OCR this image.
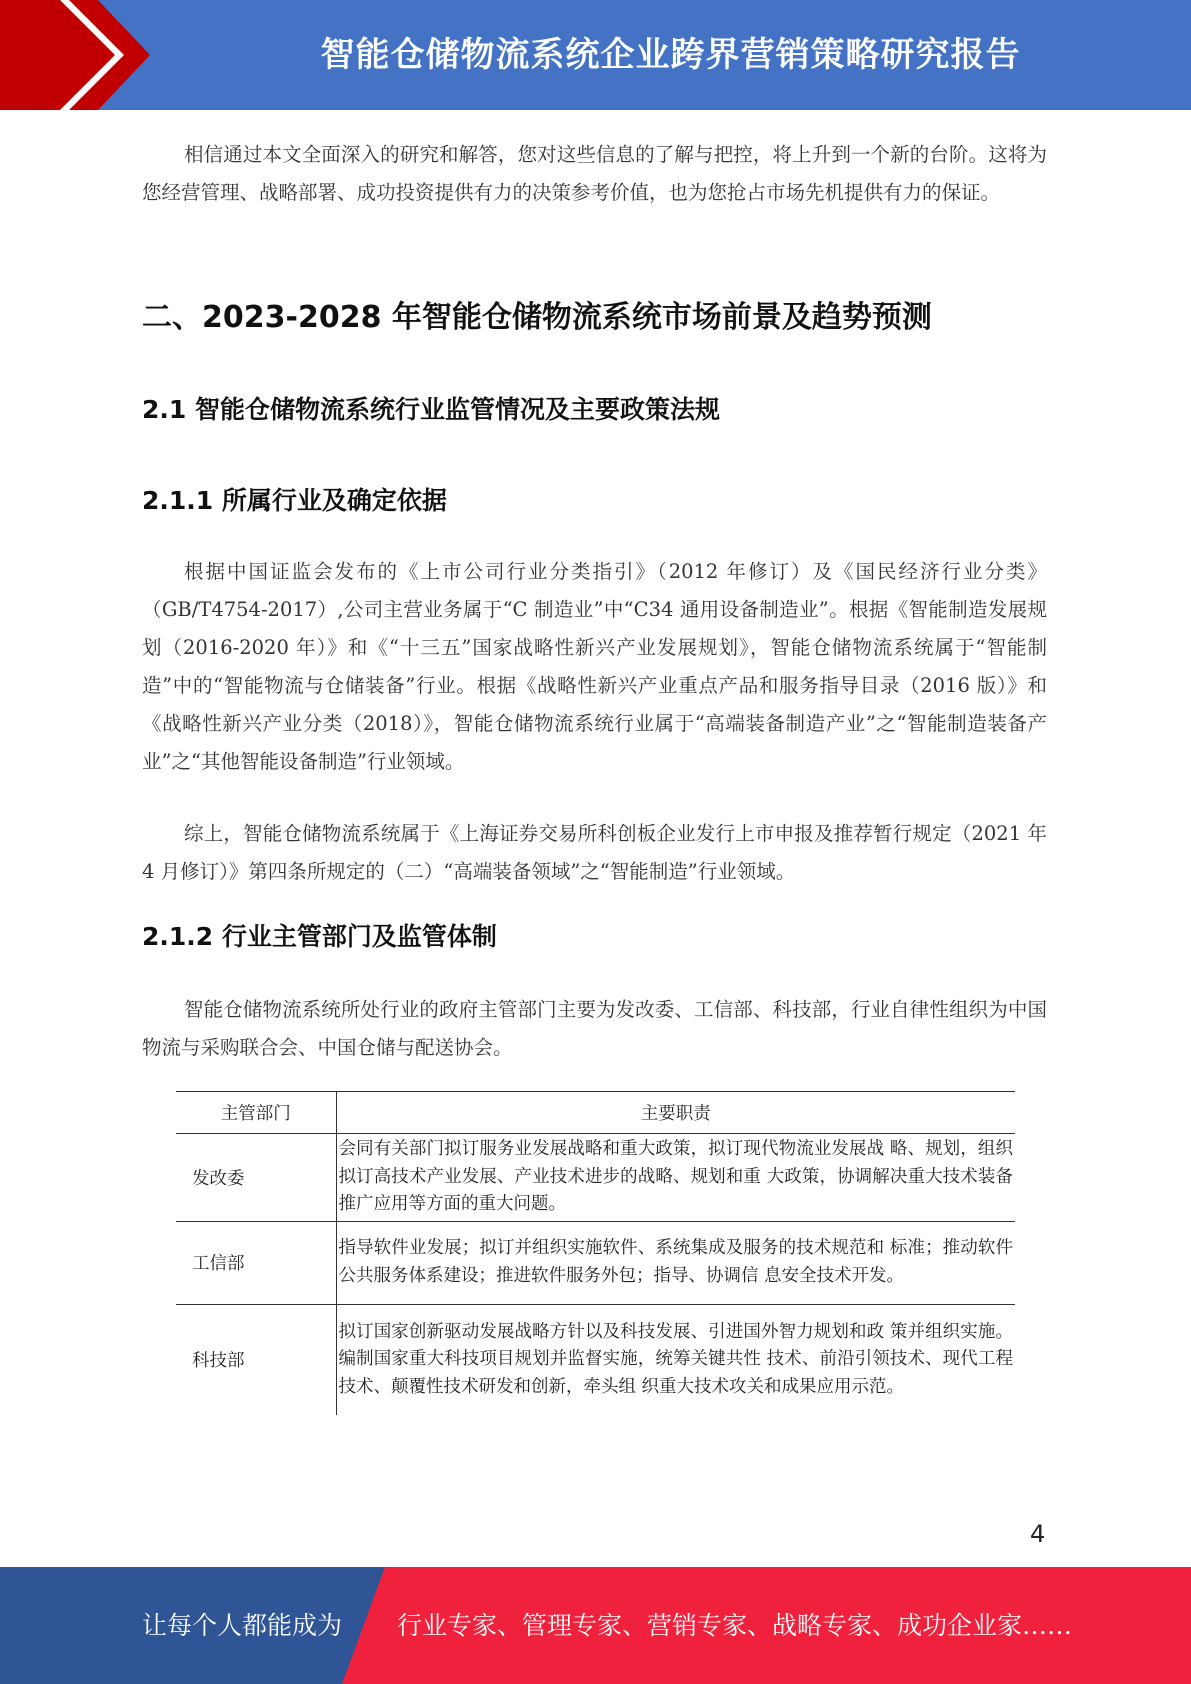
智能仓储物流系统企业跨界营销策略研究报告

相信通过本文全面深入的研究和解答，您对这些信息的了解与把控，将上升到一个新的台阶。这将为您经营管理、战略部署、成功投资提供有力的决策参考价值，也为您抢占市场先机提供有力的保证。

二、2023-2028 年智能仓储物流系统市场前景及趋势预测
2.1 智能仓储物流系统行业监管情况及主要政策法规
2.1.1 所属行业及确定依据

根据中国证监会发布的《上市公司行业分类指引》（2012 年修订）及《国民经济行业分类》（GB/T4754-2017）,公司主营业务属于“C 制造业”中“C34 通用设备制造业”。根据《智能制造发展规划（2016-2020 年）》和《“十三五”国家战略性新兴产业发展规划》，智能仓储物流系统属于“智能制造”中的“智能物流与仓储装备”行业。根据《战略性新兴产业重点产品和服务指导目录（2016 版）》和《战略性新兴产业分类（2018）》，智能仓储物流系统行业属于“高端装备制造产业”之“智能制造装备产业”之“其他智能设备制造”行业领域。

综上，智能仓储物流系统属于《上海证券交易所科创板企业发行上市申报及推荐暂行规定（2021 年 4 月修订）》第四条所规定的（二）“高端装备领域”之“智能制造”行业领域。

2.1.2 行业主管部门及监管体制

智能仓储物流系统所处行业的政府主管部门主要为发改委、工信部、科技部，行业自律性组织为中国物流与采购联合会、中国仓储与配送协会。

主管部门	主要职责
发改委	会同有关部门拟订服务业发展战略和重大政策，拟订现代物流业发展战 略、规划，组织拟订高技术产业发展、产业技术进步的战略、规划和重 大政策，协调解决重大技术装备推广应用等方面的重大问题。
工信部	指导软件业发展；拟订并组织实施软件、系统集成及服务的技术规范和 标准；推动软件公共服务体系建设；推进软件服务外包；指导、协调信 息安全技术开发。
科技部	拟订国家创新驱动发展战略方针以及科技发展、引进国外智力规划和政 策并组织实施。编制国家重大科技项目规划并监督实施，统筹关键共性 技术、前沿引领技术、现代工程技术、颠覆性技术研发和创新，牵头组 织重大技术攻关和成果应用示范。
4
让每个人都能成为 行业专家、管理专家、营销专家、战略专家、成功企业家……
